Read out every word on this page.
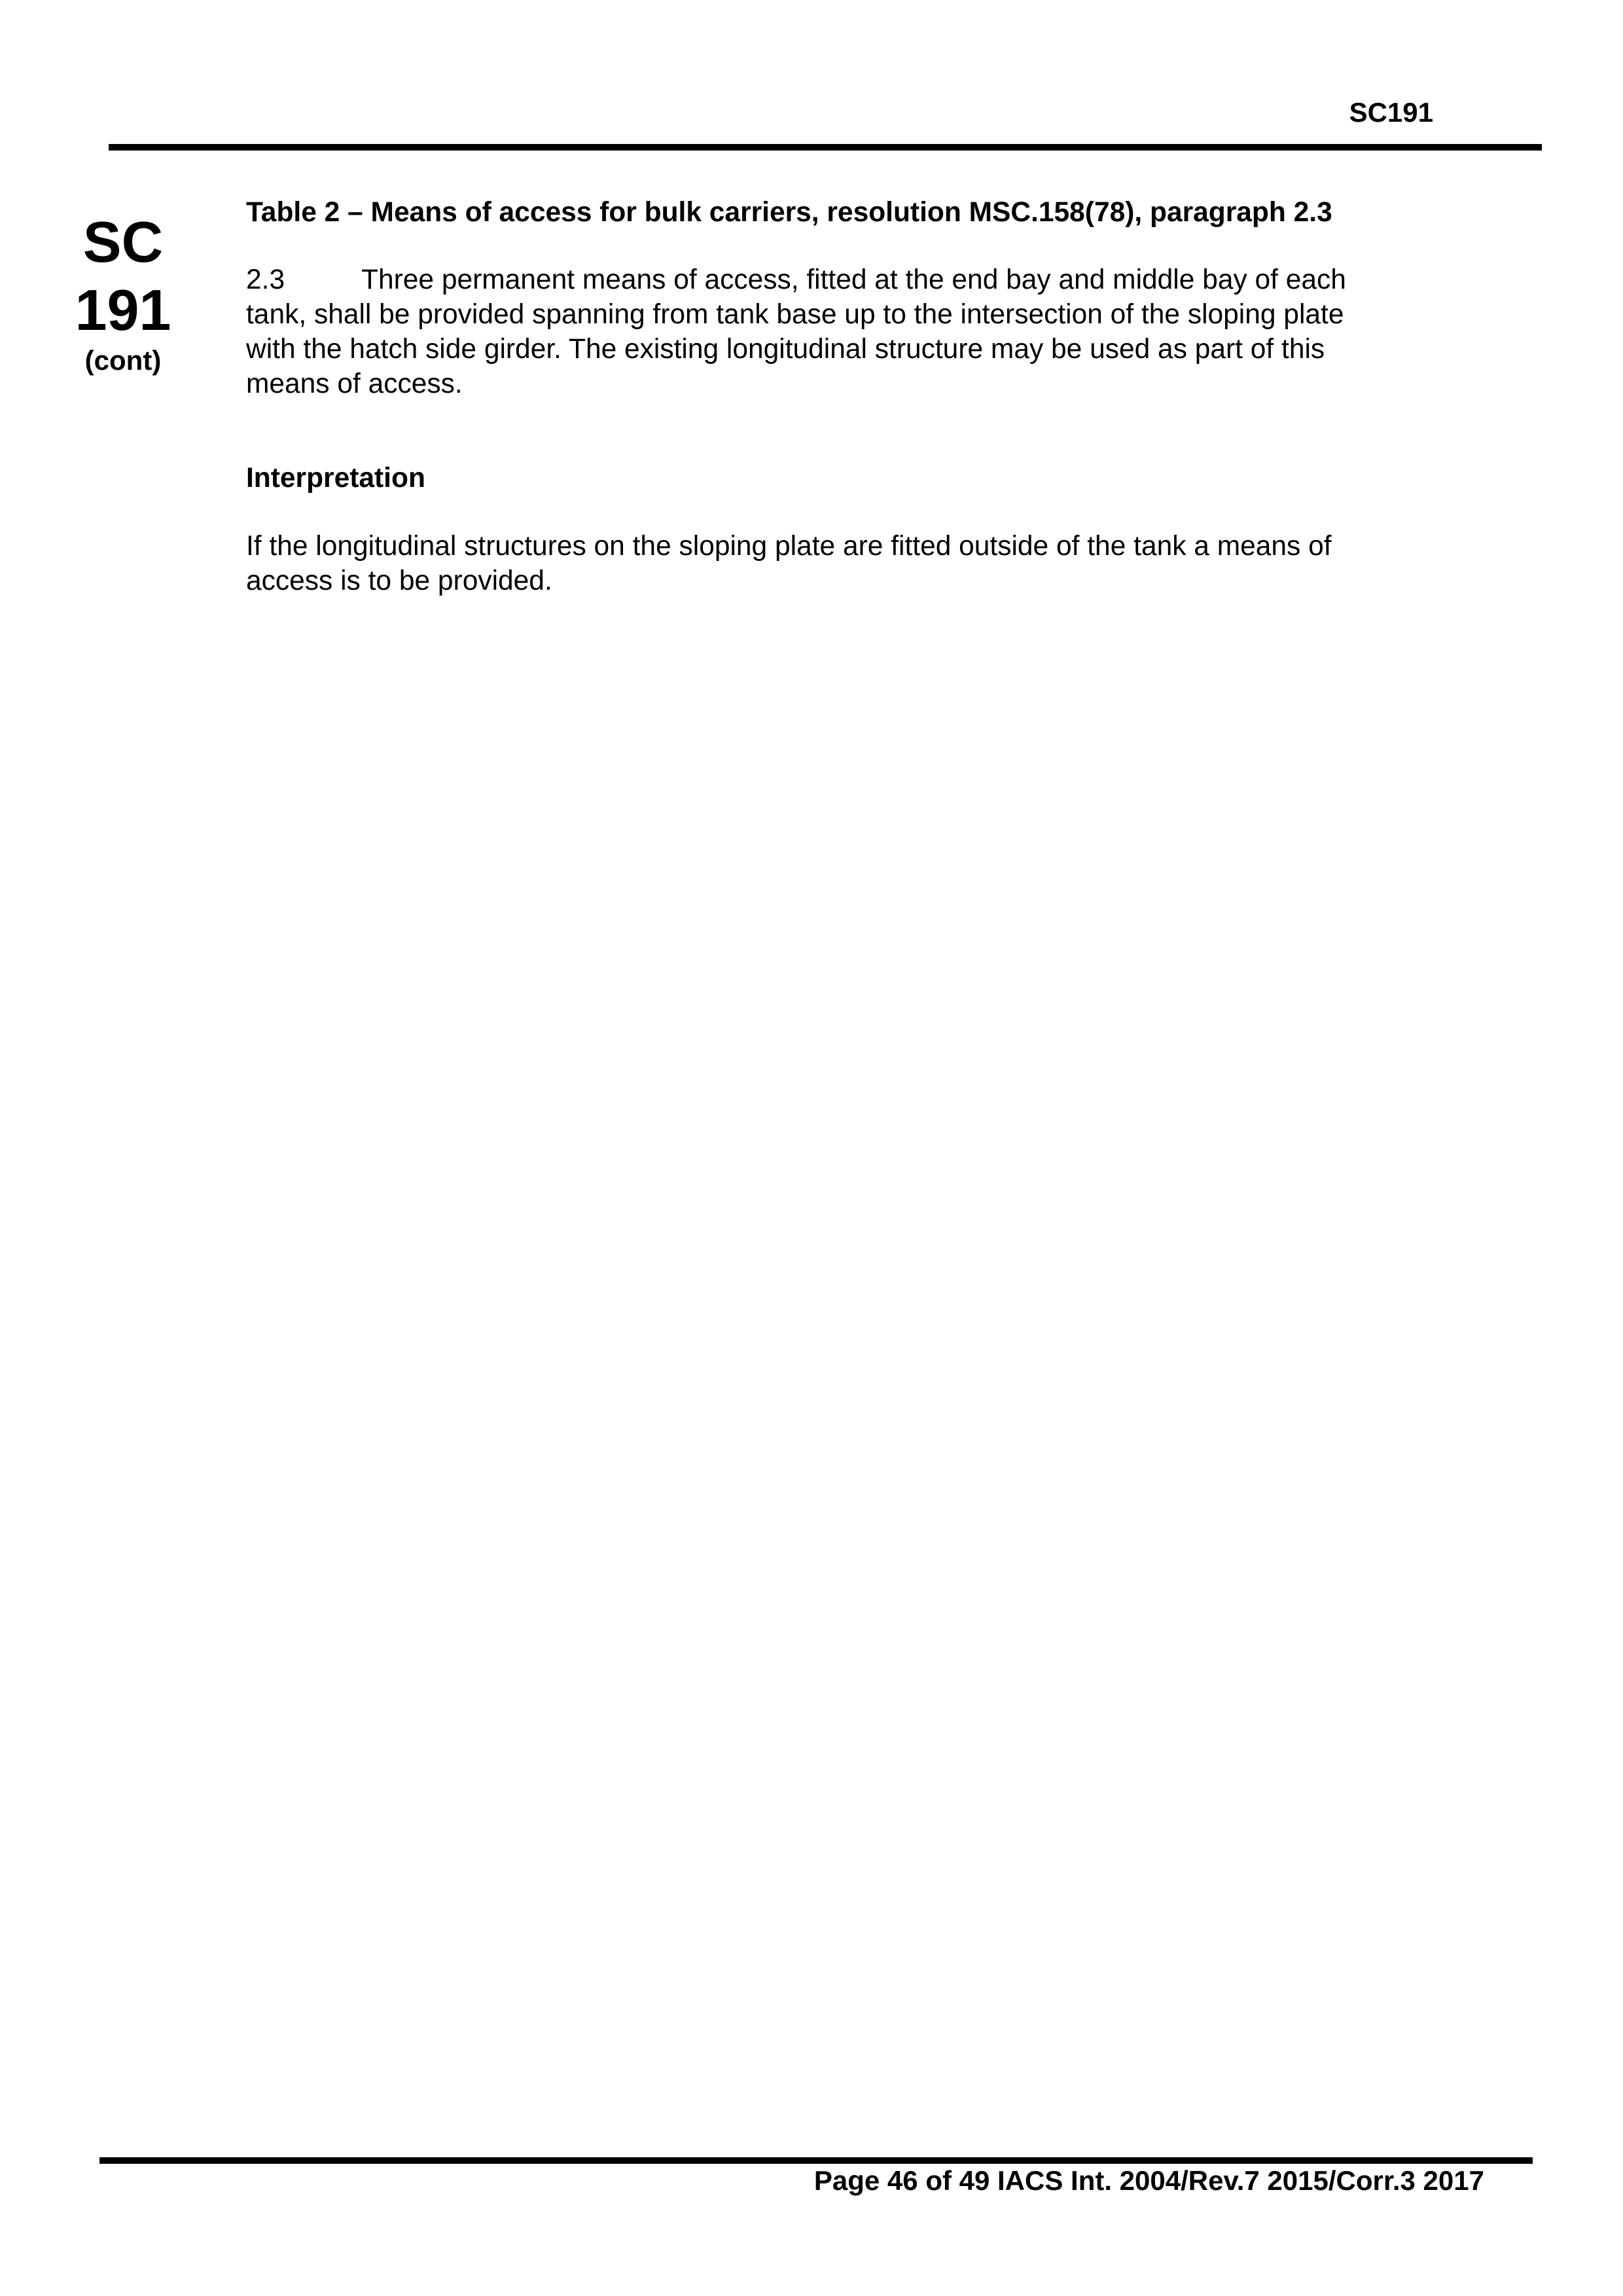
SC191
SC
191
(cont)

Table 2 – Means of access for bulk carriers, resolution MSC.158(78), paragraph 2.3

2.3	Three permanent means of access, fitted at the end bay and middle bay of each
tank, shall be provided spanning from tank base up to the intersection of the sloping plate
with the hatch side girder. The existing longitudinal structure may be used as part of this
means of access.

Interpretation

If the longitudinal structures on the sloping plate are fitted outside of the tank a means of
access is to be provided.

Page 46 of 49 IACS Int. 2004/Rev.7 2015/Corr.3 2017
